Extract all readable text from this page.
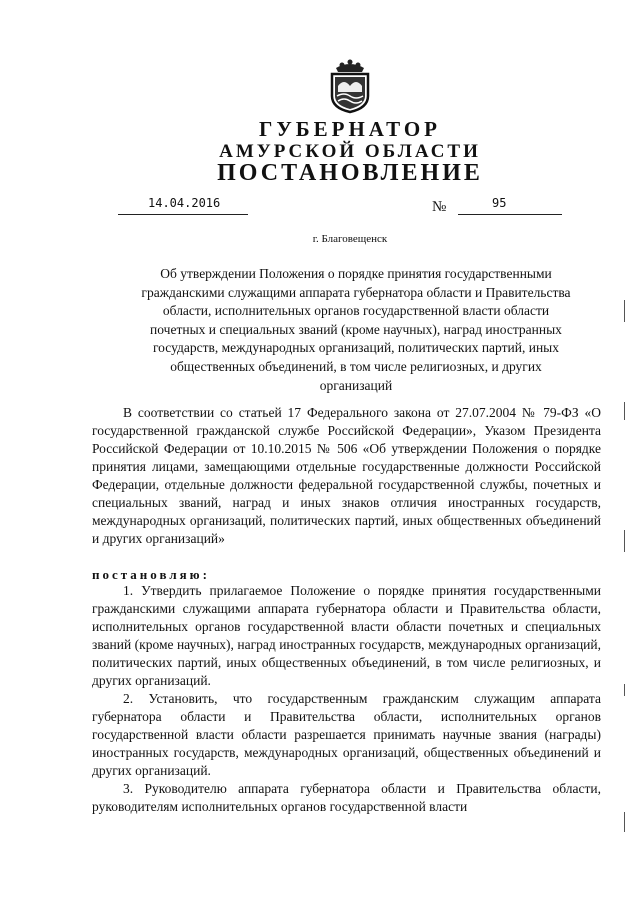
ГУБЕРНАТОР
АМУРСКОЙ ОБЛАСТИ
ПОСТАНОВЛЕНИЕ
14.04.2016	№	95
г. Благовещенск
Об утверждении Положения о порядке принятия государственными гражданскими служащими аппарата губернатора области и Правительства области, исполнительных органов государственной власти области почетных и специальных званий (кроме научных), наград иностранных государств, международных организаций, политических партий, иных общественных объединений, в том числе религиозных, и других организаций

В соответствии со статьей 17 Федерального закона от 27.07.2004 № 79-ФЗ «О государственной гражданской службе Российской Федерации», Указом Президента Российской Федерации от 10.10.2015 № 506 «Об утверждении Положения о порядке принятия лицами, замещающими отдельные государственные должности Российской Федерации, отдельные должности федеральной государственной службы, почетных и специальных званий, наград и иных знаков отличия иностранных государств, международных организаций, политических партий, иных общественных объединений и других организаций»

постановляю:

1. Утвердить прилагаемое Положение о порядке принятия государственными гражданскими служащими аппарата губернатора области и Правительства области, исполнительных органов государственной власти области почетных и специальных званий (кроме научных), наград иностранных государств, международных организаций, политических партий, иных общественных объединений, в том числе религиозных, и других организаций.

2. Установить, что государственным гражданским служащим аппарата губернатора области и Правительства области, исполнительных органов государственной власти области разрешается принимать научные звания (награды) иностранных государств, международных организаций, общественных объединений и других организаций.

3. Руководителю аппарата губернатора области и Правительства области, руководителям исполнительных органов государственной власти
